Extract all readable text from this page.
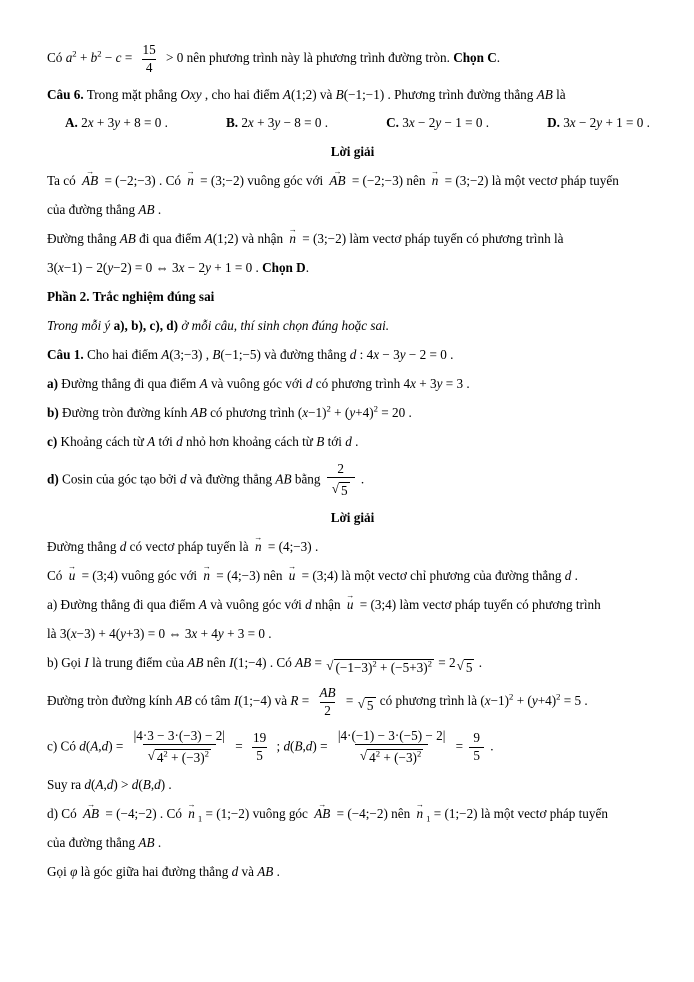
Có $a^2 + b^2 - c = \frac{15}{4} > 0$ nên phương trình này là phương trình đường tròn. Chọn C.

Câu 6. Trong mặt phẳng Oxy , cho hai điểm A(1;2) và B(−1;−1) . Phương trình đường thẳng AB là

A. 2x + 3y + 8 = 0 .	B. 2x + 3y − 8 = 0 .	C. 3x − 2y − 1 = 0 .	D. 3x − 2y + 1 = 0 .

Lời giải

Ta có AB → = (−2;−3) . Có n → = (3;−2) vuông góc với AB → = (−2;−3) nên n → = (3;−2) là một vectơ pháp tuyến

của đường thẳng AB .

Đường thẳng AB đi qua điểm A(1;2) và nhận n → = (3;−2) làm vectơ pháp tuyến có phương trình là

3(x−1) − 2(y−2) = 0 ⇔ 3x − 2y + 1 = 0 . Chọn D.

Phần 2. Trắc nghiệm đúng sai

Trong mỗi ý a), b), c), d) ở mỗi câu, thí sinh chọn đúng hoặc sai.

Câu 1. Cho hai điểm A(3;−3) , B(−1;−5) và đường thẳng d : 4x − 3y − 2 = 0 .

a) Đường thẳng đi qua điểm A và vuông góc với d có phương trình 4x + 3y = 3 .

b) Đường tròn đường kính AB có phương trình $(x-1)^2 + (y+4)^2 = 20$ .

c) Khoảng cách từ A tới d nhỏ hơn khoảng cách từ B tới d .

d) Cosin của góc tạo bởi d và đường thẳng AB bằng $\frac{2}{√ 5}$ .

Lời giải

Đường thẳng d có vectơ pháp tuyến là n → = (4;−3) .

Có u → = (3;4) vuông góc với n → = (4;−3) nên u → = (3;4) là một vectơ chỉ phương của đường thẳng d .

a) Đường thẳng đi qua điểm A và vuông góc với d nhận u → = (3;4) làm vectơ pháp tuyến có phương trình

là 3(x−3) + 4(y+3) = 0 ⇔ 3x + 4y + 3 = 0 .

b) Gọi I là trung điểm của AB nên I(1;−4) . Có AB = √ $(-1-3)^2 + (-5+3)^2 = 2$ √ 5 .

Đường tròn đường kính AB có tâm I(1;−4) và $R = \frac{AB}{2}$ = √ 5 có phương trình là $(x-1)^2 + (y+4)^2 = 5$ .

c) Có $d(A,d) = \frac{|4\cdot 3 - 3\cdot(-3) - 2|}{√ 4^2 + (-3)^2} = \frac{19}{5}$ ; $d(B,d) = \frac{|4\cdot(-1) - 3\cdot(-5) - 2|}{√ 4^2 + (-3)^2} = \frac{9}{5}$ .

Suy ra d(A,d) > d(B,d) .

d) Có AB → = (−4;−2) . Có n → $_1$ = (1;−2) vuông góc AB → = (−4;−2) nên n → $_1$ = (1;−2) là một vectơ pháp tuyến

của đường thẳng AB .

Gọi φ là góc giữa hai đường thẳng d và AB .
